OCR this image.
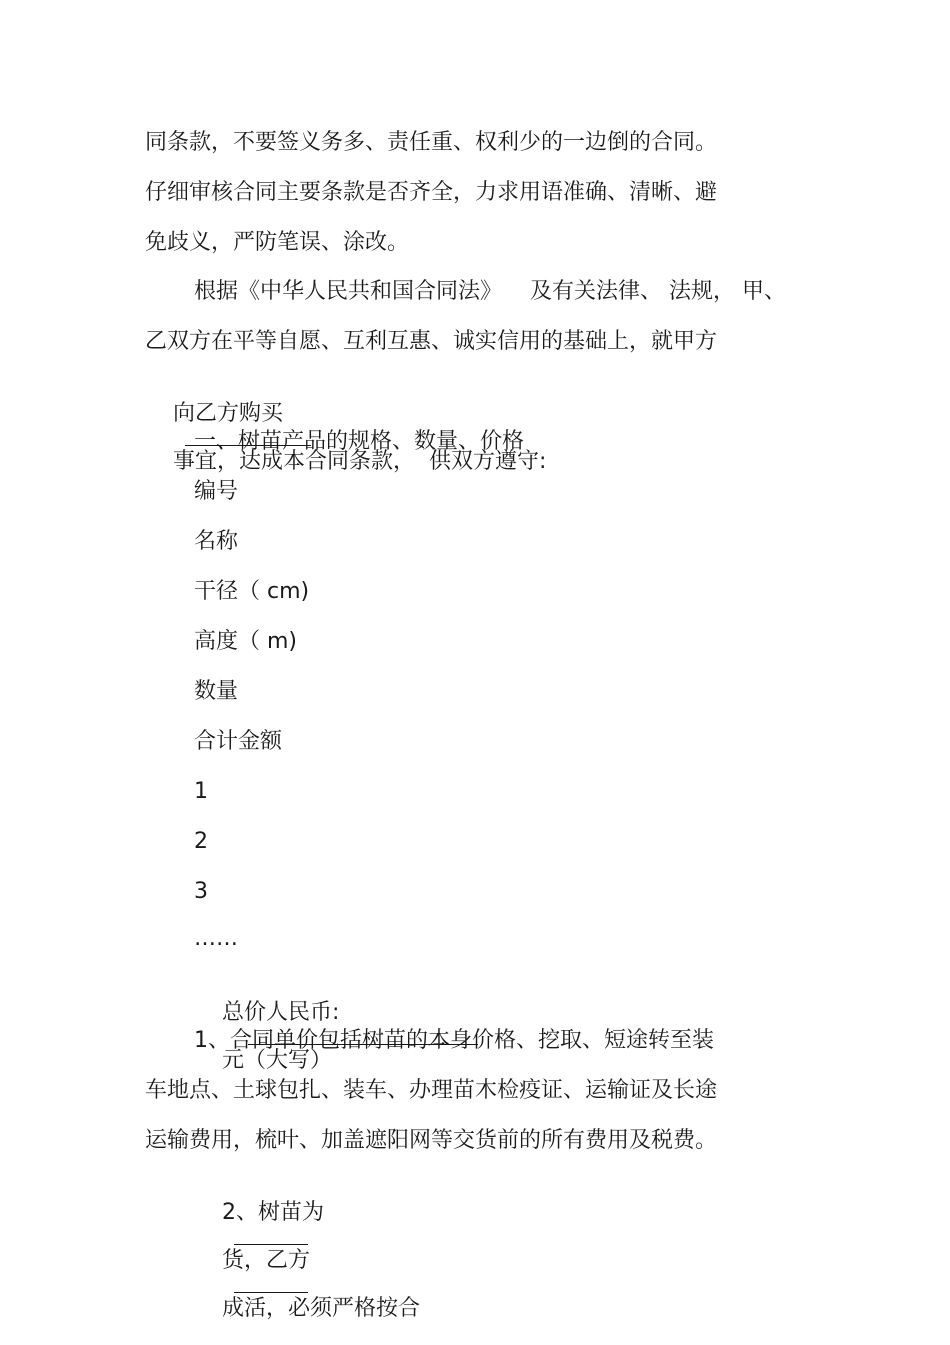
同条款，不要签义务多、责任重、权利少的一边倒的合同。
仔细审核合同主要条款是否齐全，力求用语准确、清晰、避
免歧义，严防笔误、涂改。
根据《中华人民共和国合同法》    及有关法律、 法规， 甲、
乙双方在平等自愿、互利互惠、诚实信用的基础上，就甲方

向乙方购买

事宜，达成本合同条款，  供双方遵守:

一、树苗产品的规格、数量、价格
编号
名称
干径（ cm)
高度（ m)
数量
合计金额
1
2
3
……

总价人民币:

元（大写）

1、合同单价包括树苗的本身价格、挖取、短途转至装
车地点、土球包扎、装车、办理苗木检疫证、运输证及长途
运输费用，梳叶、加盖遮阳网等交货前的所有费用及税费。

2、树苗为

货，乙方

成活，必须严格按合
